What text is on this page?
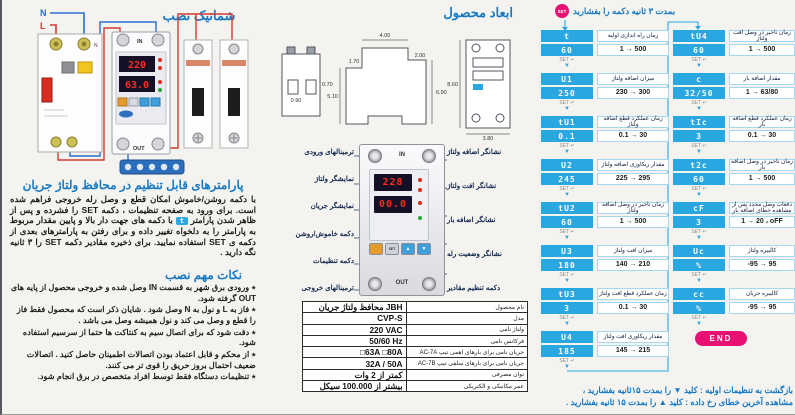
شماتیک نصب
N
L
N
IN
220
63.0
OUT
پارامترهای قابل تنظیم در محافظ ولتاژ جریان
با دکمه روشن/خاموش امکان قطع و وصل رله خروجی فراهم شده است. برای ورود به صفحه تنظیمات ، دکمه SET را فشرده و پس از ظاهر شدن پارامتر t با دکمه های جهت دار بالا و پایین مقدار مربوط به پارامتر را به دلخواه تغییر داده و برای رفتن به پارامترهای بعدی از دکمه ی SET استفاده نمایید. برای ذخیره مقادیر دکمه SET را ۳ ثانیه نگه دارید .
نکات مهم نصب
٭ ورودی برق شهر به قسمت IN وصل شده و خروجی محصول از پایه های OUT گرفته شود.
٭ فاز به L و نول به N وصل شود . شایان ذکر است که محصول فقط فاز را قطع و وصل می کند و نول همیشه وصل می باشد .
٭ دقت شود که برای اتصال سیم به کنتاکت ها حتما از سرسیم استفاده شود.
٭ از محکم و قابل اعتماد بودن اتصالات اطمینان حاصل کنید . اتصالات ضعیف احتمال بروز حریق را قوی تر می کنند.
٭ تنظیمات دستگاه فقط توسط افراد متخصص در برق انجام شود.
ابعاد محصول
4.00
1.70
2.00
6.90
5.10
8.60
3.80
0.70
0.90
ترمینالهای ورودی
نمایشگر ولتاژ
نمایشگر جریان
دکمه خاموش/روشن
دکمه تنظیمات
ترمینالهای خروجی
نشانگر اضافه ولتاژ
نشانگر افت ولتاژ
نشانگر اضافه بار
نشانگر وضعیت رله
دکمه تنظیم مقادیر
IN
228
00.0
SET	▲	▼
OUT
محافظ ولتاژ جریان JBH	نام محصول
CVP-S	مدل
220 VAC	ولتاژ نامی
50/60 Hz	فرکانس نامی
□63A □80A	جریان نامی برای بارهای اهمی تیپ AC-7A
32A / 50A	جریان نامی برای بارهای سلفی تیپ AC-7B
کمتر از 2 وات	توان مصرفی
بیشتر از 100.000 سیکل	عمر مکانیکی و الکتریکی
SET بمدت ۳ ثانیه دکمه را بفشارید
t	زمان راه اندازی اولیه
60	1 → 500
SET ↵
▼
U1	میزان اضافه ولتاژ
250	230 → 300
SET ↵
▼
tU1	زمان عملکرد قطع اضافه ولتاژ
0.1	0.1 → 30
SET ↵
▼
U2	مقدار ریکاوری اضافه ولتاژ
245	225 → 295
SET ↵
▼
tU2	زمان تاخیر در وصل اضافه ولتاژ
60	1 → 500
SET ↵
▼
U3	میزان افت ولتاژ
180	140 → 210
SET ↵
▼
tU3	زمان عملکرد قطع افت ولتاژ
3	0.1 → 30
SET ↵
▼
U4	مقدار ریکاوری افت ولتاژ
185	145 → 215
SET ↵
▼
tU4	زمان تاخیر در وصل افت ولتاژ
60	1 → 500
SET ↵
▼
c	مقدار اضافه بار
32/50	1 → 63/80
SET ↵
▼
tIc	زمان عملکرد قطع اضافه بار
3	0.1 → 30
SET ↵
▼
t2c	زمان تاخیر در وصل اضافه بار
60	1 → 500
SET ↵
▼
cF	دفعات وصل مجدد پس از مشاهده خطای اضافه بار
3	1 → 20 ، oFF
SET ↵
▼
Uc	کالیبره ولتاژ
%	-95 → 95
SET ↵
▼
cc	کالیبره جریان
%	-95 → 95
SET ↵
▼
END
بازگشت به تنظیمات اولیه : کلید ▼ را بمدت ۱۵ثانیه بفشارید ،
مشاهده آخرین خطای رخ داده : کلید ▲ را بمدت ۱۵ ثانیه بفشارید .
